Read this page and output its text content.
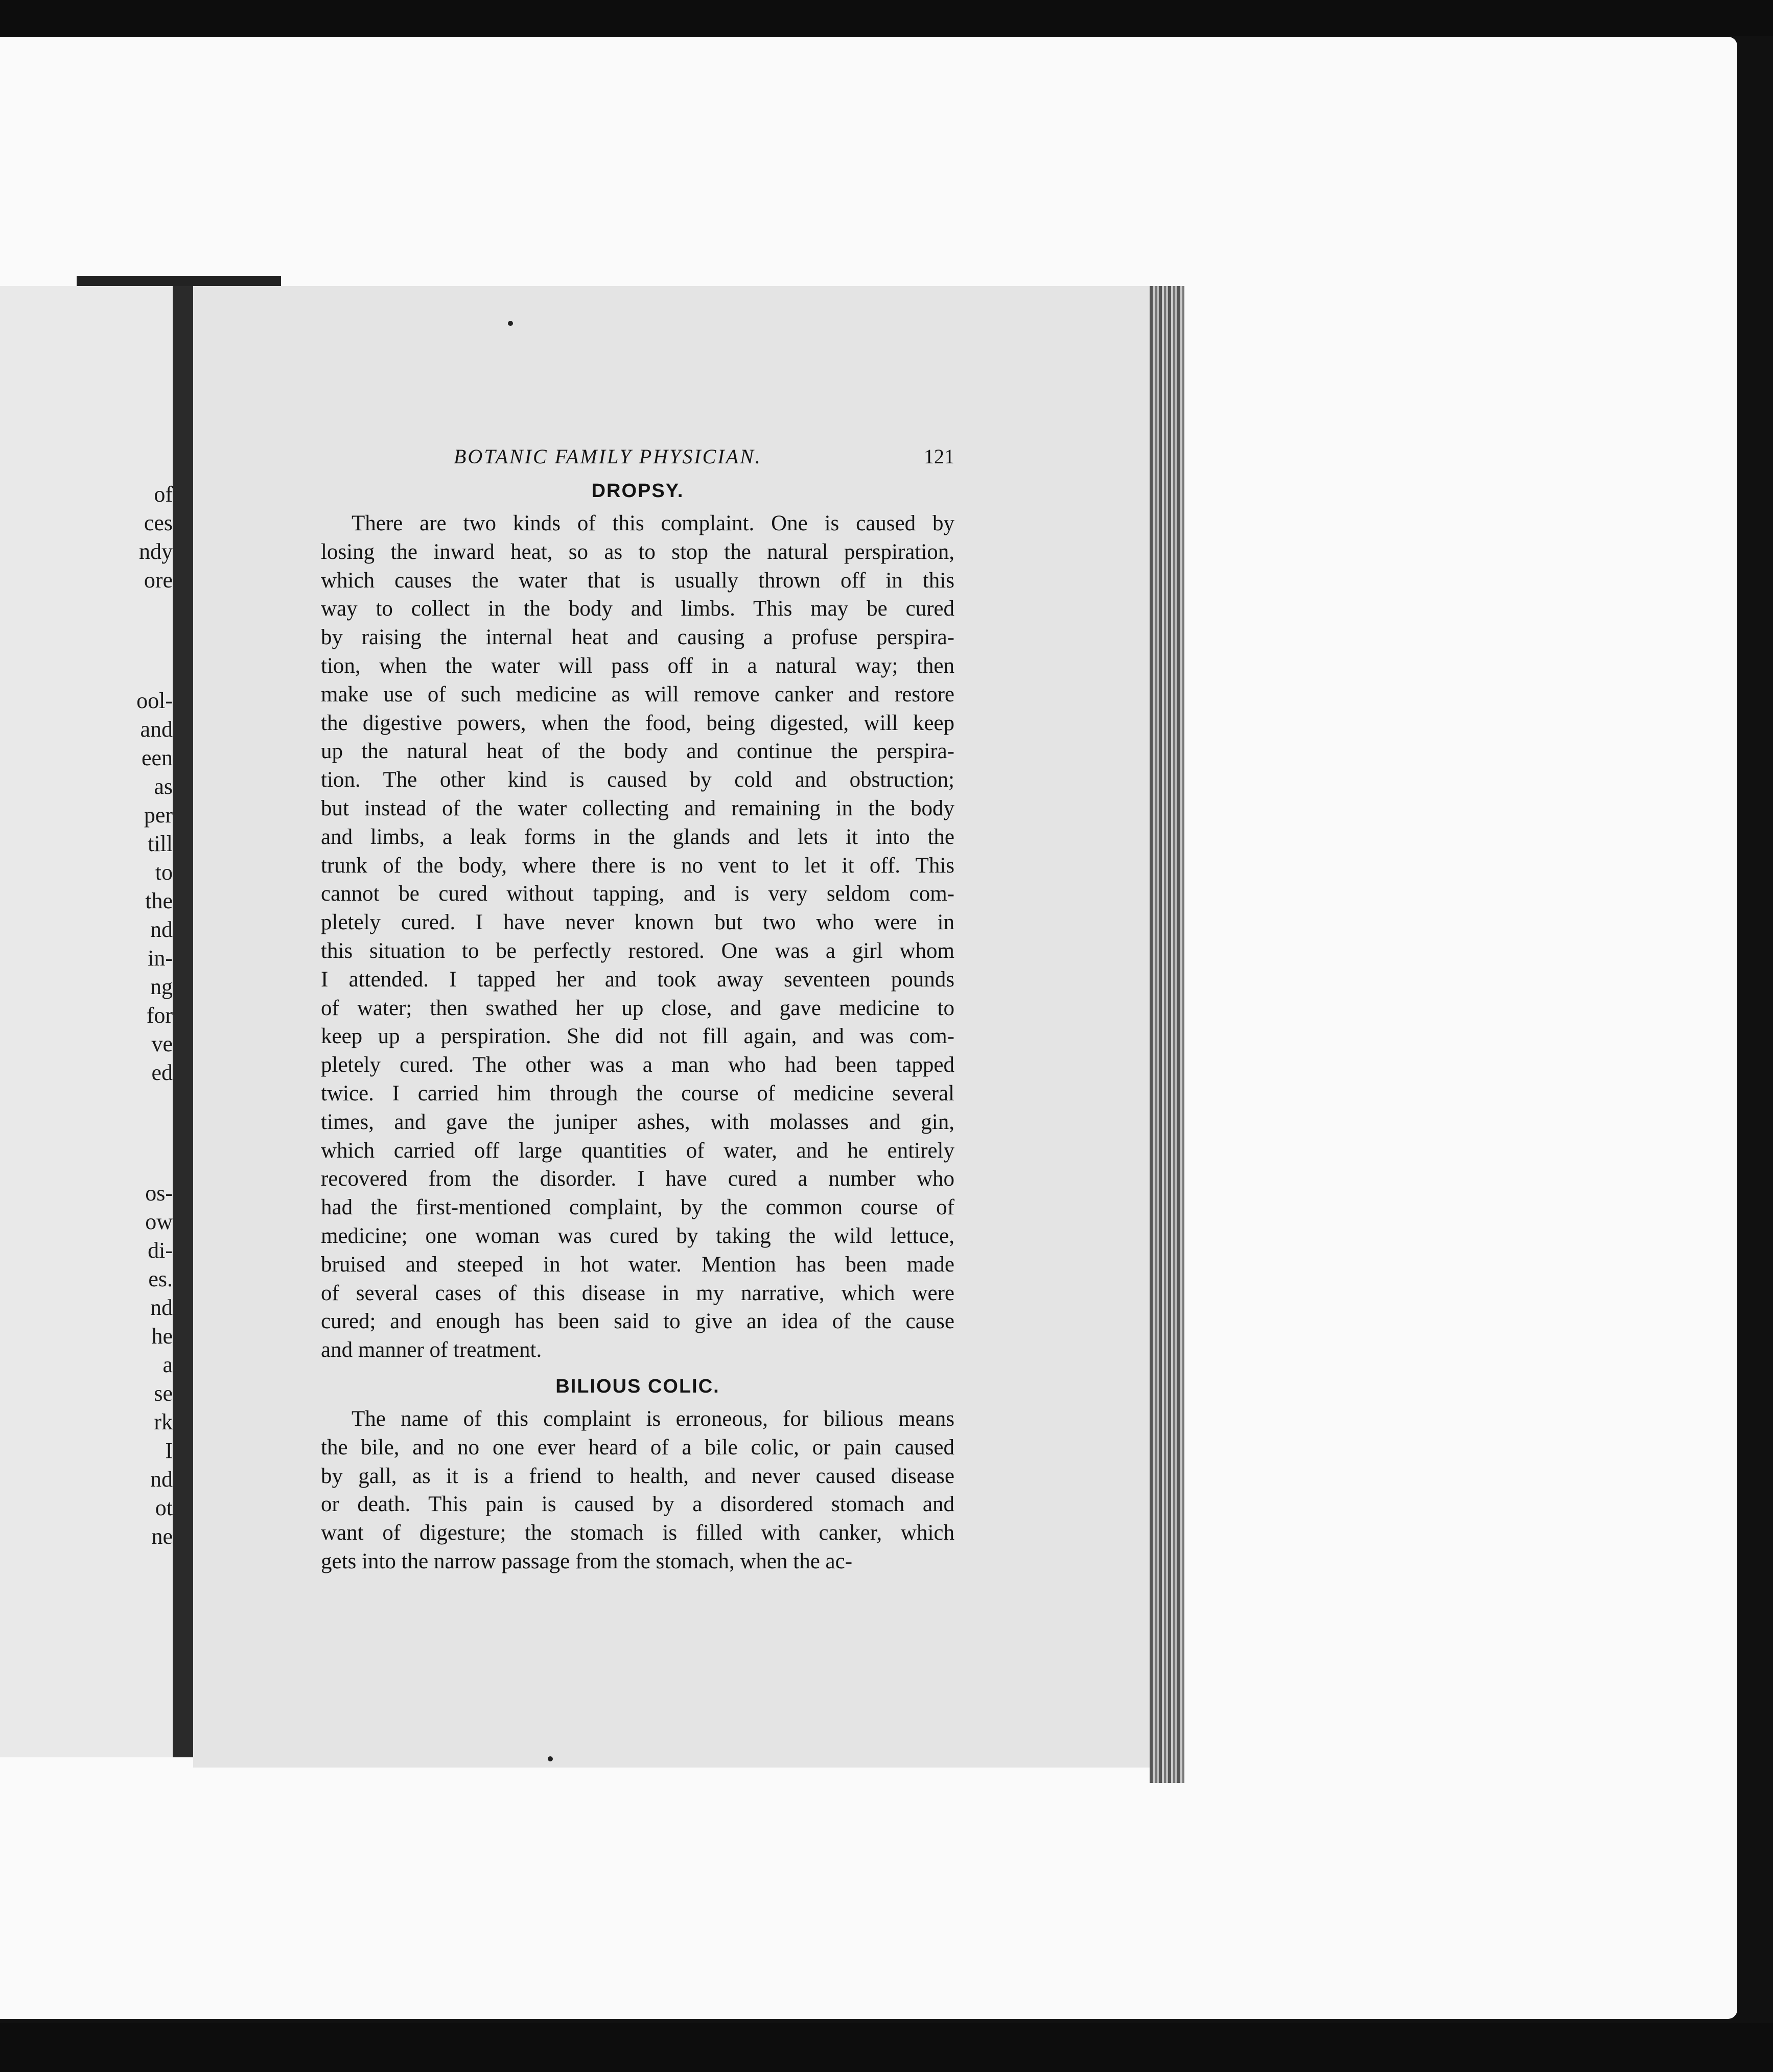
of
ces
ndy
ore
ool-
and
een
as
per
till
to
the
nd
in-
ng
for
ve
ed
os-
ow
di-
es.
nd
he
a
se
rk
I
nd
ot
ne
BOTANIC FAMILY PHYSICIAN.	121
DROPSY.
There are two kinds of this complaint. One is caused by
losing the inward heat, so as to stop the natural perspiration,
which causes the water that is usually thrown off in this
way to collect in the body and limbs. This may be cured
by raising the internal heat and causing a profuse perspira-
tion, when the water will pass off in a natural way; then
make use of such medicine as will remove canker and restore
the digestive powers, when the food, being digested, will keep
up the natural heat of the body and continue the perspira-
tion. The other kind is caused by cold and obstruction;
but instead of the water collecting and remaining in the body
and limbs, a leak forms in the glands and lets it into the
trunk of the body, where there is no vent to let it off. This
cannot be cured without tapping, and is very seldom com-
pletely cured. I have never known but two who were in
this situation to be perfectly restored. One was a girl whom
I attended. I tapped her and took away seventeen pounds
of water; then swathed her up close, and gave medicine to
keep up a perspiration. She did not fill again, and was com-
pletely cured. The other was a man who had been tapped
twice. I carried him through the course of medicine several
times, and gave the juniper ashes, with molasses and gin,
which carried off large quantities of water, and he entirely
recovered from the disorder. I have cured a number who
had the first-mentioned complaint, by the common course of
medicine; one woman was cured by taking the wild lettuce,
bruised and steeped in hot water. Mention has been made
of several cases of this disease in my narrative, which were
cured; and enough has been said to give an idea of the cause
and manner of treatment.
BILIOUS COLIC.
The name of this complaint is erroneous, for bilious means
the bile, and no one ever heard of a bile colic, or pain caused
by gall, as it is a friend to health, and never caused disease
or death. This pain is caused by a disordered stomach and
want of digesture; the stomach is filled with canker, which
gets into the narrow passage from the stomach, when the ac-
